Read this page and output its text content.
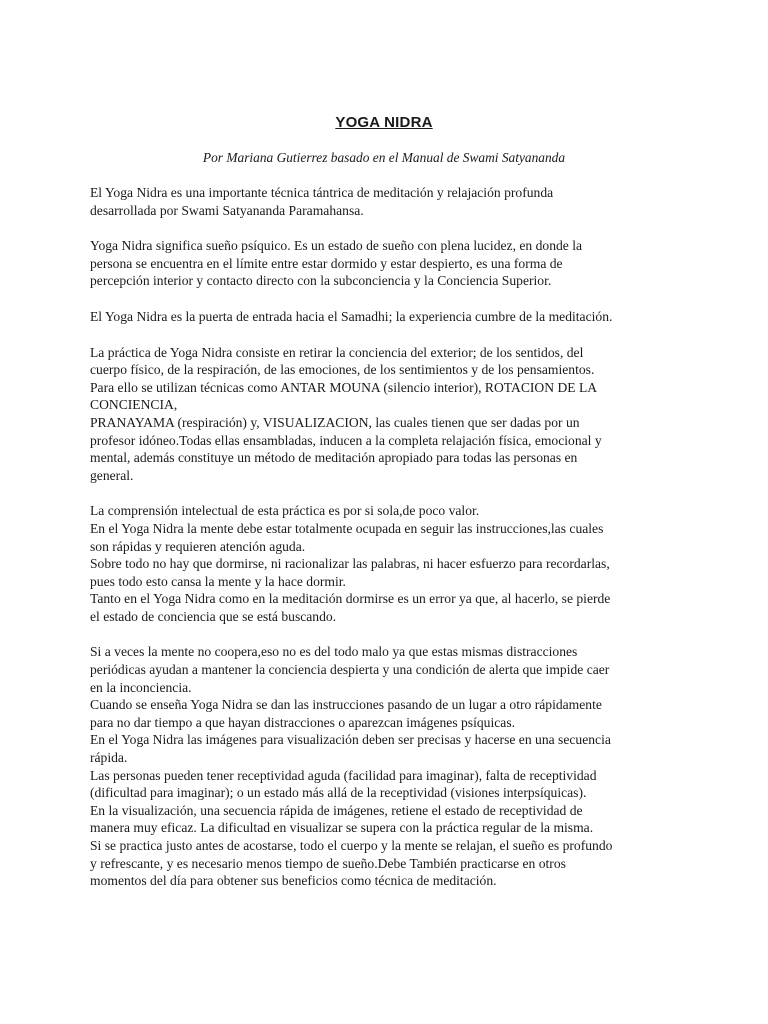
YOGA NIDRA
Por Mariana Gutierrez basado en el Manual de Swami Satyananda
El Yoga Nidra es una importante técnica tántrica de meditación y relajación profunda
desarrollada por Swami Satyananda Paramahansa.
Yoga Nidra significa sueño psíquico. Es un estado de sueño con plena lucidez, en donde la
persona se encuentra en el límite entre estar dormido y estar despierto, es una forma de
percepción interior y contacto directo con la subconciencia y la Conciencia Superior.
El Yoga Nidra es la puerta de entrada hacia el Samadhi; la experiencia cumbre de la meditación.
La práctica de Yoga Nidra consiste en retirar la conciencia del exterior; de los sentidos, del
cuerpo físico, de la respiración, de las emociones, de los sentimientos y de los pensamientos.
Para ello se utilizan técnicas como ANTAR MOUNA (silencio interior), ROTACION DE LA
CONCIENCIA,
PRANAYAMA (respiración) y, VISUALIZACION, las cuales tienen que ser dadas por un
profesor idóneo.Todas ellas ensambladas, inducen a la completa relajación física, emocional y
mental, además constituye un método de meditación apropiado para todas las personas en
general.
La comprensión intelectual de esta práctica es por si sola,de poco valor.
En el Yoga Nidra la mente debe estar totalmente ocupada en seguir las instrucciones,las cuales
son rápidas y requieren atención aguda.
Sobre todo no hay que dormirse, ni racionalizar las palabras, ni hacer esfuerzo para recordarlas,
pues todo esto cansa la mente y la hace dormir.
Tanto en el Yoga Nidra como en la meditación dormirse es un error ya que, al hacerlo, se pierde
el estado de conciencia que se está buscando.
Si a veces la mente no coopera,eso no es del todo malo ya que estas mismas distracciones
periódicas ayudan a mantener la conciencia despierta y una condición de alerta que impide caer
en la inconciencia.
Cuando se enseña Yoga Nidra se dan las instrucciones pasando de un lugar a otro rápidamente
para no dar tiempo a que hayan distracciones o aparezcan imágenes psíquicas.
En el Yoga Nidra las imágenes para visualización deben ser precisas y hacerse en una secuencia
rápida.
Las personas pueden tener receptividad aguda (facilidad para imaginar), falta de receptividad
(dificultad para imaginar); o un estado más allá de la receptividad (visiones interpsíquicas).
En la visualización, una secuencia rápida de imágenes, retiene el estado de receptividad de
manera muy eficaz. La dificultad en visualizar se supera con la práctica regular de la misma.
Si se practica justo antes de acostarse, todo el cuerpo y la mente se relajan, el sueño es profundo
y refrescante, y es necesario menos tiempo de sueño.Debe También practicarse en otros
momentos del día para obtener sus beneficios como técnica de meditación.
